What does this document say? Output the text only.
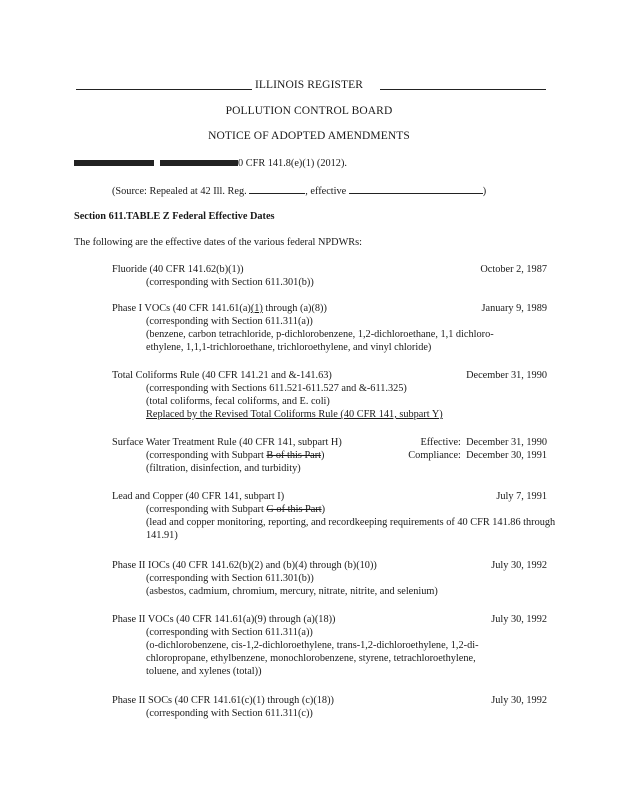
ILLINOIS REGISTER
POLLUTION CONTROL BOARD
NOTICE OF ADOPTED AMENDMENTS
0 CFR 141.8(e)(1) (2012).
(Source: Repealed at 42 Ill. Reg.	, effective	)
Section 611.TABLE Z Federal Effective Dates
The following are the effective dates of the various federal NPDWRs:
Fluoride (40 CFR 141.62(b)(1))	October 2, 1987
(corresponding with Section 611.301(b))
Phase I VOCs (40 CFR 141.61(a)(1) through (a)(8))	January 9, 1989
(corresponding with Section 611.311(a))
(benzene, carbon tetrachloride, p-dichlorobenzene, 1,2-dichloroethane, 1,1 dichloro-
ethylene, 1,1,1-trichloroethane, trichloroethylene, and vinyl chloride)
Total Coliforms Rule (40 CFR 141.21 and &-141.63)	December 31, 1990
(corresponding with Sections 611.521-611.527 and &-611.325)
(total coliforms, fecal coliforms, and E. coli)
Replaced by the Revised Total Coliforms Rule (40 CFR 141, subpart Y)
Surface Water Treatment Rule (40 CFR 141, subpart H)	Effective: December 31, 1990
(corresponding with Subpart B of this Part)	Compliance: December 30, 1991
(filtration, disinfection, and turbidity)
Lead and Copper (40 CFR 141, subpart I)	July 7, 1991
(corresponding with Subpart G of this Part)
(lead and copper monitoring, reporting, and recordkeeping requirements of 40 CFR 141.86 through 141.91)
Phase II IOCs (40 CFR 141.62(b)(2) and (b)(4) through (b)(10))	July 30, 1992
(corresponding with Section 611.301(b))
(asbestos, cadmium, chromium, mercury, nitrate, nitrite, and selenium)
Phase II VOCs (40 CFR 141.61(a)(9) through (a)(18))	July 30, 1992
(corresponding with Section 611.311(a))
(o-dichlorobenzene, cis-1,2-dichloroethylene, trans-1,2-dichloroethylene, 1,2-di-
chloropropane, ethylbenzene, monochlorobenzene, styrene, tetrachloroethylene,
toluene, and xylenes (total))
Phase II SOCs (40 CFR 141.61(c)(1) through (c)(18))	July 30, 1992
(corresponding with Section 611.311(c))
